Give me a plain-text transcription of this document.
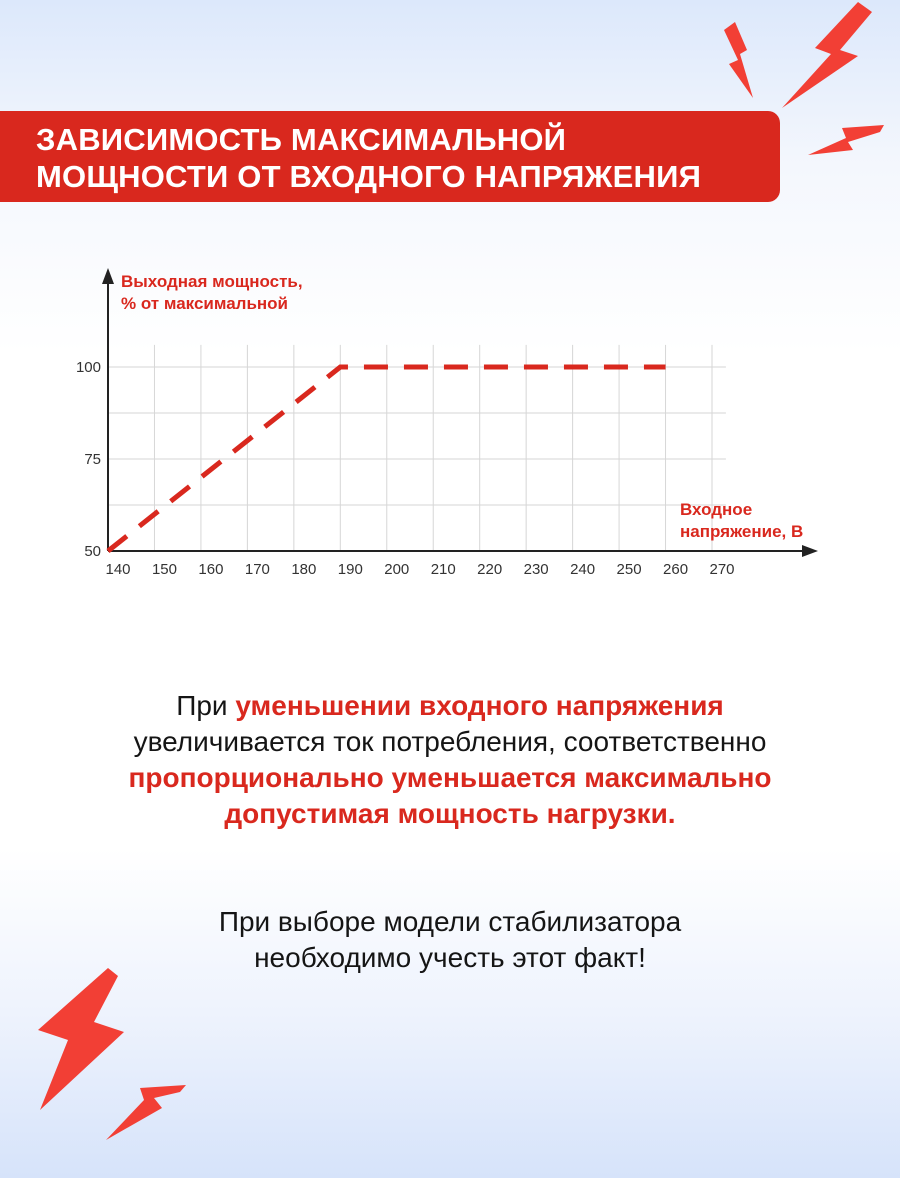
ЗАВИСИМОСТЬ МАКСИМАЛЬНОЙ
МОЩНОСТИ ОТ ВХОДНОГО НАПРЯЖЕНИЯ
140 150 160 170 180 190 200 210 220 230 240 250 260 270
50
75
100
Выходная мощность,
% от максимальной
Входное
напряжение, В
При уменьшении входного напряжения
увеличивается ток потребления, соответственно
пропорционально уменьшается максимально
допустимая мощность нагрузки.
При выборе модели стабилизатора
необходимо учесть этот факт!
